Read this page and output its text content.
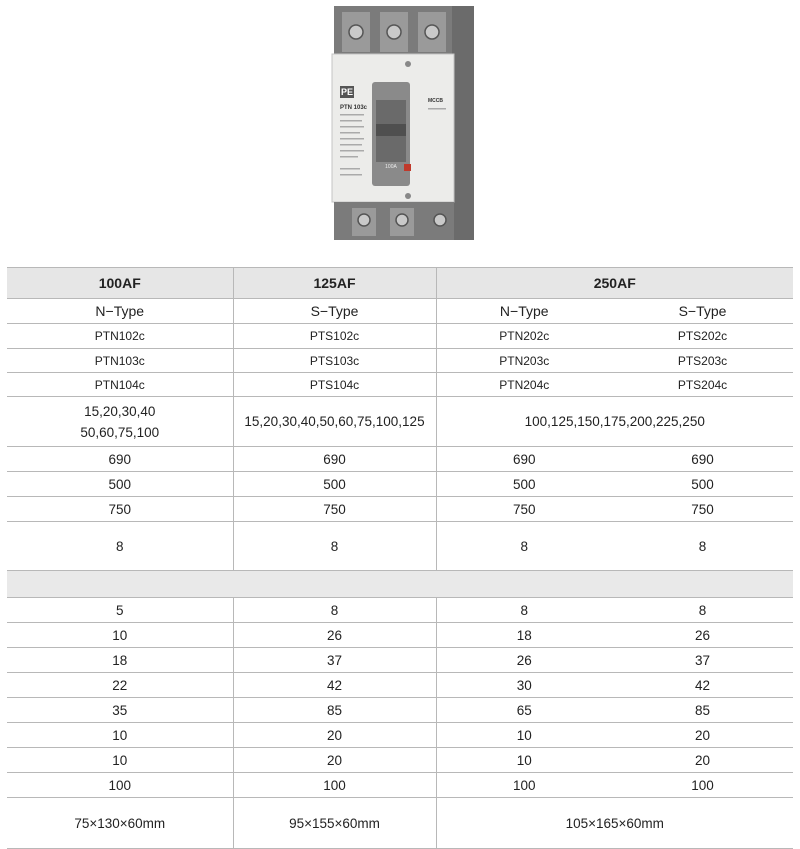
PE
PTN 103c
MCCB
100A
100AF	125AF	250AF	
N−Type	S−Type	N−Type	S−Type
PTN102c	PTS102c	PTN202c	PTS202c
PTN103c	PTS103c	PTN203c	PTS203c
PTN104c	PTS104c	PTN204c	PTS204c

15,20,30,40
50,60,75,100	15,20,30,40,50,60,75,100,125	100,125,150,175,200,225,250	
690	690	690	690
500	500	500	500
750	750	750	750
8	8	8	8

5	8	8	8
10	26	18	26
18	37	26	37
22	42	30	42
35	85	65	85
10	20	10	20
10	20	10	20
100	100	100	100
75×130×60mm	95×155×60mm	105×165×60mm	
